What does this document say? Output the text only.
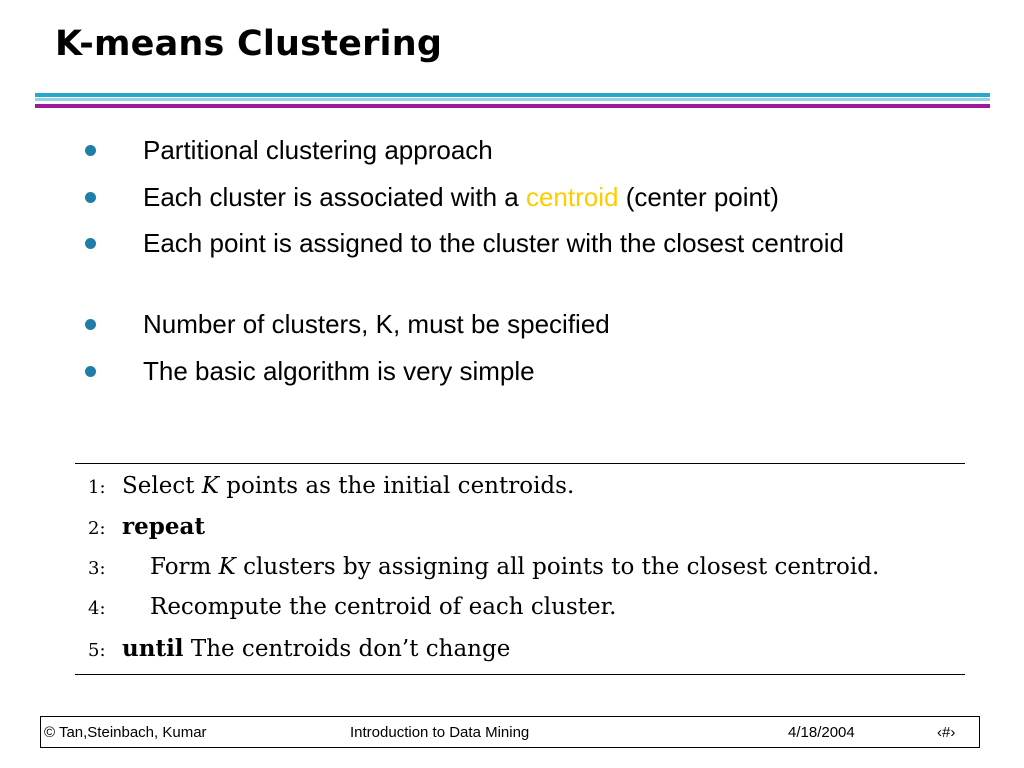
K-means Clustering
Partitional clustering approach
Each cluster is associated with a centroid (center point)
Each point is assigned to the cluster with the closest centroid
Number of clusters, K, must be specified
The basic algorithm is very simple
1: Select K points as the initial centroids.
2: repeat
3: Form K clusters by assigning all points to the closest centroid.
4: Recompute the centroid of each cluster.
5: until The centroids don’t change
© Tan,Steinbach, Kumar	Introduction to Data Mining	4/18/2004	‹#›
